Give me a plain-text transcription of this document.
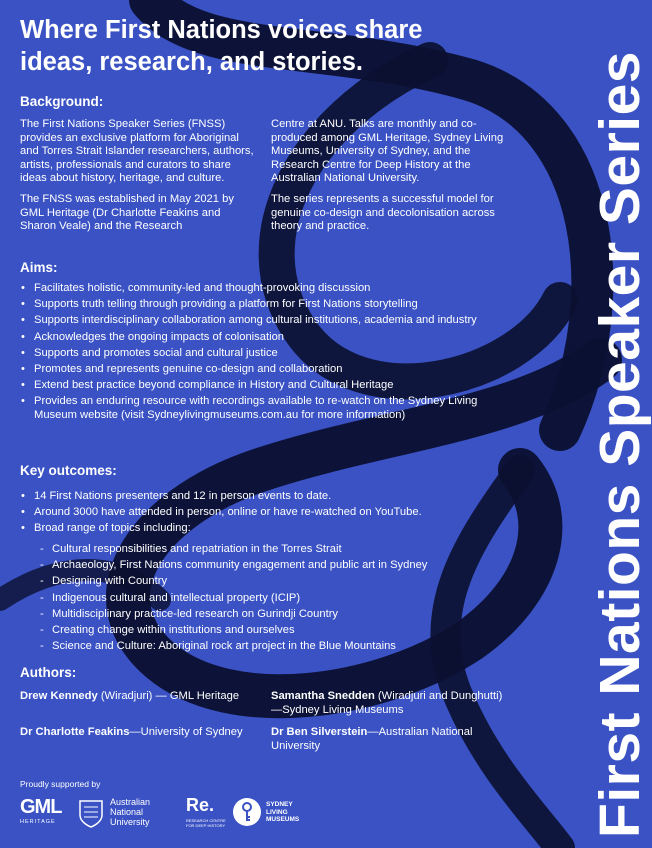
First Nations Speaker Series
Where First Nations voices share ideas, research, and stories.
Background:

The First Nations Speaker Series (FNSS) provides an exclusive platform for Aboriginal and Torres Strait Islander researchers, authors, artists, professionals and curators to share ideas about history, heritage, and culture.

The FNSS was established in May 2021 by GML Heritage (Dr Charlotte Feakins and Sharon Veale) and the Research

Centre at ANU. Talks are monthly and co-produced among GML Heritage, Sydney Living Museums, University of Sydney, and the Research Centre for Deep History at the Australian National University.

The series represents a successful model for genuine co-design and decolonisation across theory and practice.

Aims:
• Facilitates holistic, community-led and thought-provoking discussion
• Supports truth telling through providing a platform for First Nations storytelling
• Supports interdisciplinary collaboration among cultural institutions, academia and industry
• Acknowledges the ongoing impacts of colonisation
• Supports and promotes social and cultural justice
• Promotes and represents genuine co-design and collaboration
• Extend best practice beyond compliance in History and Cultural Heritage
• Provides an enduring resource with recordings available to re-watch on the Sydney Living Museum website (visit Sydneylivingmuseums.com.au for more information)
Key outcomes:
• 14 First Nations presenters and 12 in person events to date.
• Around 3000 have attended in person, online or have re-watched on YouTube.
• Broad range of topics including:
- Cultural responsibilities and repatriation in the Torres Strait
- Archaeology, First Nations community engagement and public art in Sydney
- Designing with Country
- Indigenous cultural and intellectual property (ICIP)
- Multidisciplinary practice-led research on Gurindji Country
- Creating change within institutions and ourselves
- Science and Culture: Aboriginal rock art project in the Blue Mountains
Authors:
Drew Kennedy (Wiradjuri) — GML Heritage	Samantha Snedden (Wiradjuri and Dunghutti) —Sydney Living Museums
Dr Charlotte Feakins—University of Sydney	Dr Ben Silverstein—Australian National University
Proudly supported by
GML
HERITAGE
Australian National University
Re.
RESEARCH CENTRE FOR DEEP HISTORY
SYDNEY LIVING MUSEUMS
